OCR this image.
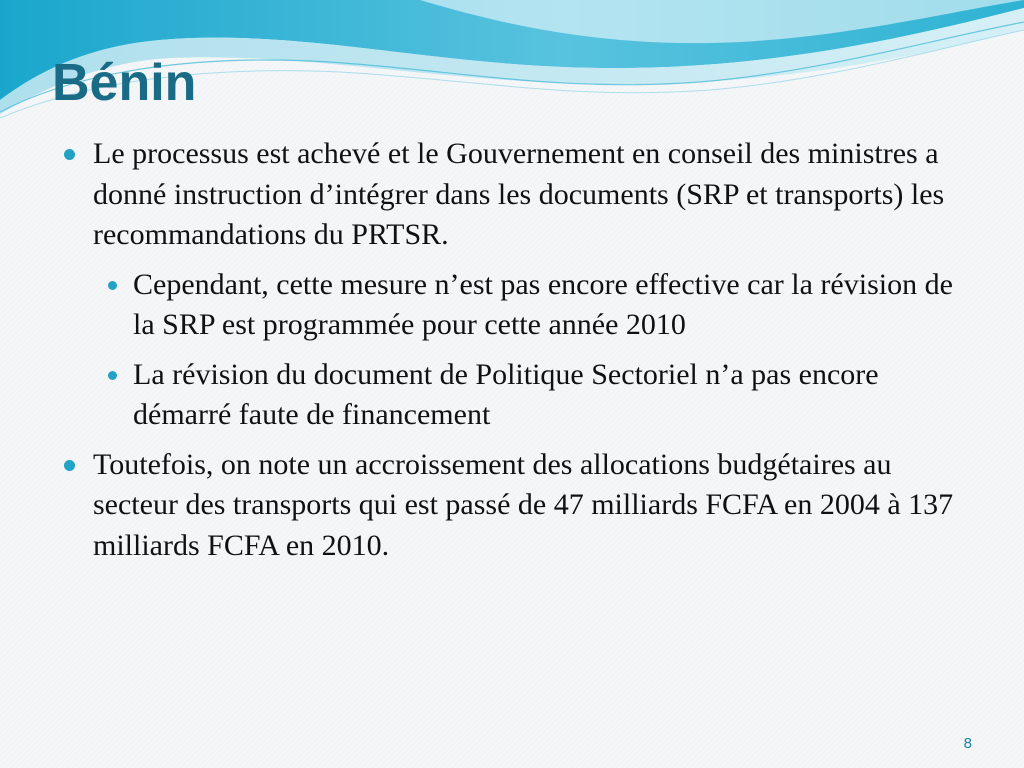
Bénin
Le processus est achevé et le Gouvernement en conseil des ministres a donné instruction d’intégrer dans les documents (SRP et transports) les recommandations du PRTSR.
Cependant, cette mesure n’est pas encore effective car la révision de la SRP est programmée pour cette année 2010
La révision du document de Politique Sectoriel n’a pas encore démarré faute de financement
Toutefois, on note un accroissement des allocations budgétaires au secteur des transports qui est passé de 47 milliards FCFA en 2004 à 137 milliards FCFA en 2010.
8
